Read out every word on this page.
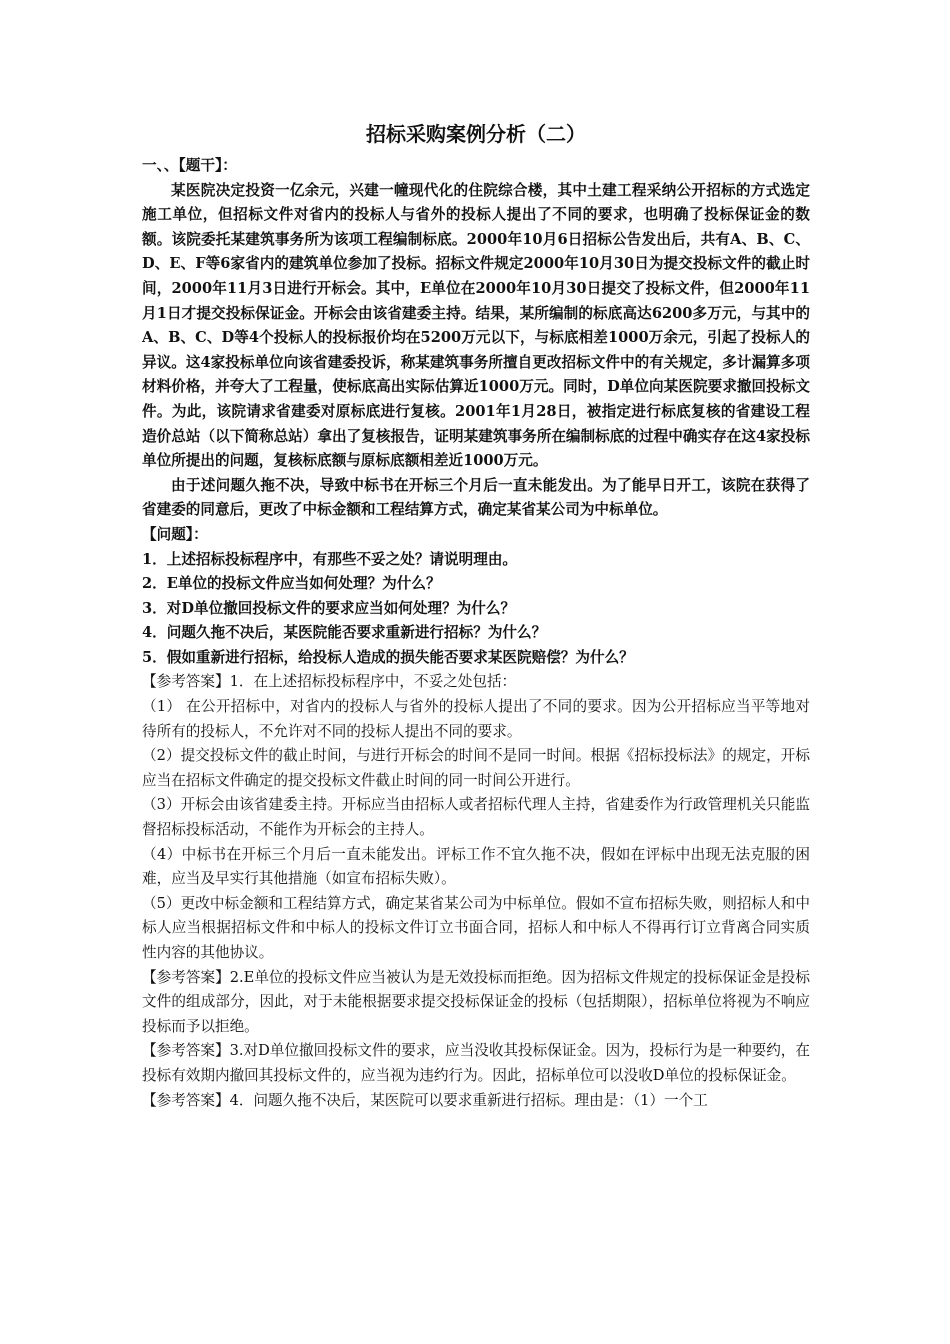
招标采购案例分析（二）

一、、【题干】：

某医院决定投资一亿余元，兴建一幢现代化的住院综合楼，其中土建工程采纳公开招标的方式选定施工单位，但招标文件对省内的投标人与省外的投标人提出了不同的要求，也明确了投标保证金的数额。该院委托某建筑事务所为该项工程编制标底。2000年10月6日招标公告发出后，共有A、B、C、D、E、F等6家省内的建筑单位参加了投标。招标文件规定2000年10月30日为提交投标文件的截止时间，2000年11月3日进行开标会。其中，E单位在2000年10月30日提交了投标文件，但2000年11月1日才提交投标保证金。开标会由该省建委主持。结果，某所编制的标底高达6200多万元，与其中的A、B、C、D等4个投标人的投标报价均在5200万元以下，与标底相差1000万余元，引起了投标人的异议。这4家投标单位向该省建委投诉，称某建筑事务所擅自更改招标文件中的有关规定，多计漏算多项材料价格，并夸大了工程量，使标底高出实际估算近1000万元。同时，D单位向某医院要求撤回投标文件。为此，该院请求省建委对原标底进行复核。2001年1月28日，被指定进行标底复核的省建设工程造价总站（以下简称总站）拿出了复核报告，证明某建筑事务所在编制标底的过程中确实存在这4家投标单位所提出的问题，复核标底额与原标底额相差近1000万元。

由于述问题久拖不决，导致中标书在开标三个月后一直未能发出。为了能早日开工，该院在获得了省建委的同意后，更改了中标金额和工程结算方式，确定某省某公司为中标单位。

【问题】：

1．上述招标投标程序中，有那些不妥之处？请说明理由。

2．E单位的投标文件应当如何处理？为什么？

3．对D单位撤回投标文件的要求应当如何处理？为什么？

4．问题久拖不决后，某医院能否要求重新进行招标？为什么？

5．假如重新进行招标，给投标人造成的损失能否要求某医院赔偿？为什么？

【参考答案】1．在上述招标投标程序中，不妥之处包括：

（1） 在公开招标中，对省内的投标人与省外的投标人提出了不同的要求。因为公开招标应当平等地对待所有的投标人，不允许对不同的投标人提出不同的要求。

（2）提交投标文件的截止时间，与进行开标会的时间不是同一时间。根据《招标投标法》的规定，开标应当在招标文件确定的提交投标文件截止时间的同一时间公开进行。

（3）开标会由该省建委主持。开标应当由招标人或者招标代理人主持，省建委作为行政管理机关只能监督招标投标活动，不能作为开标会的主持人。

（4）中标书在开标三个月后一直未能发出。评标工作不宜久拖不决，假如在评标中出现无法克服的困难，应当及早实行其他措施（如宣布招标失败）。

（5）更改中标金额和工程结算方式，确定某省某公司为中标单位。假如不宣布招标失败，则招标人和中标人应当根据招标文件和中标人的投标文件订立书面合同，招标人和中标人不得再行订立背离合同实质性内容的其他协议。

【参考答案】2.E单位的投标文件应当被认为是无效投标而拒绝。因为招标文件规定的投标保证金是投标文件的组成部分，因此，对于未能根据要求提交投标保证金的投标（包括期限），招标单位将视为不响应投标而予以拒绝。

【参考答案】3.对D单位撤回投标文件的要求，应当没收其投标保证金。因为，投标行为是一种要约，在投标有效期内撤回其投标文件的，应当视为违约行为。因此，招标单位可以没收D单位的投标保证金。

【参考答案】4．问题久拖不决后，某医院可以要求重新进行招标。理由是：（1）一个工
